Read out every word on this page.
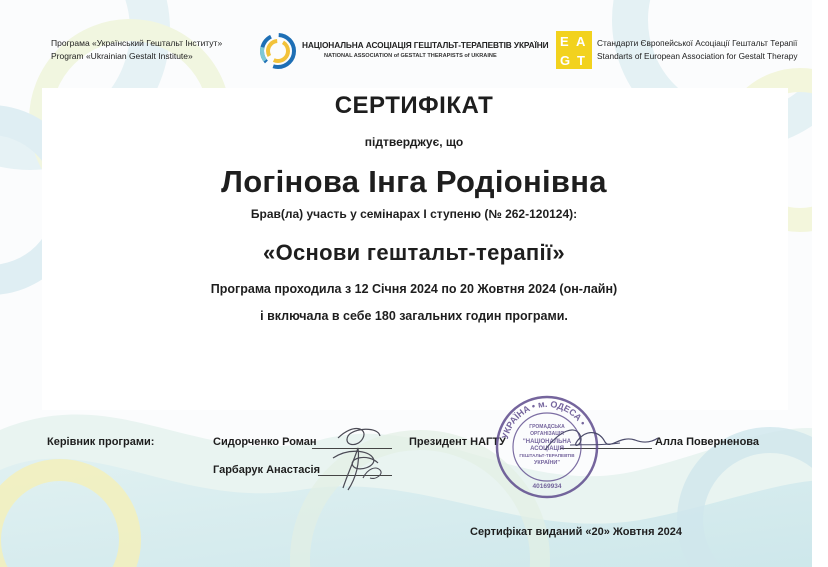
Програма «Український Гештальт Інститут»
Program «Ukrainian Gestalt Institute»
НАЦІОНАЛЬНА АСОЦІАЦІЯ ГЕШТАЛЬТ-ТЕРАПЕВТІВ УКРАЇНИ
NATIONAL ASSOCIATION of GESTALT THERAPISTS of UKRAINE
E A
G T
Стандарти Європейської Асоціації Гештальт Терапії
Standarts of European Association for Gestalt Therapy
СЕРТИФІКАТ
підтверджує, що
Логінова Інга Родіонівна
Брав(ла) участь у семінарах I ступеню (№ 262-120124):
«Основи гештальт-терапії»
Програма проходила з 12 Січня 2024 по 20 Жовтня 2024 (он-лайн)
і включала в себе 180 загальних годин програми.
Керівник програми:	Сидорченко Роман
Гарбарук Анастасія
Президент НАГТУ	Алла Поверненова
УКРАЇНА • м. ОДЕСА •
ГРОМАДСЬКА
ОРГАНІЗАЦІЯ
"НАЦІОНАЛЬНА
АСОЦІАЦІЯ
ГЕШТАЛЬТ-ТЕРАПЕВТІВ
УКРАЇНИ"
40169934
Сертифікат виданий «20» Жовтня 2024
